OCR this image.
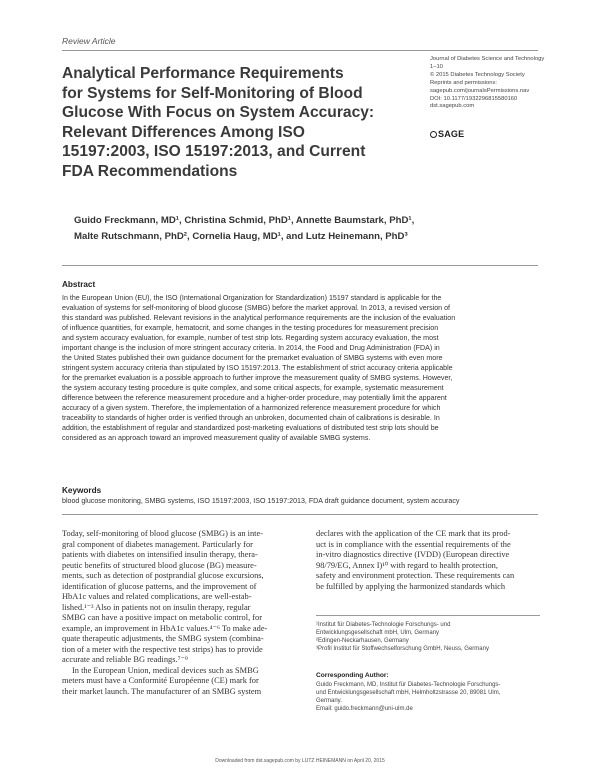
Review Article
Analytical Performance Requirements
for Systems for Self-Monitoring of Blood
Glucose With Focus on System Accuracy:
Relevant Differences Among ISO
15197:2003, ISO 15197:2013, and Current
FDA Recommendations
Journal of Diabetes Science and Technology
1–10
© 2015 Diabetes Technology Society
Reprints and permissions:
sagepub.com/journalsPermissions.nav
DOI: 10.1177/1932296815580160
dst.sagepub.com
SAGE
Guido Freckmann, MD¹, Christina Schmid, PhD¹, Annette Baumstark, PhD¹,
Malte Rutschmann, PhD², Cornelia Haug, MD¹, and Lutz Heinemann, PhD³
Abstract
In the European Union (EU), the ISO (International Organization for Standardization) 15197 standard is applicable for the
evaluation of systems for self-monitoring of blood glucose (SMBG) before the market approval. In 2013, a revised version of
this standard was published. Relevant revisions in the analytical performance requirements are the inclusion of the evaluation
of influence quantities, for example, hematocrit, and some changes in the testing procedures for measurement precision
and system accuracy evaluation, for example, number of test strip lots. Regarding system accuracy evaluation, the most
important change is the inclusion of more stringent accuracy criteria. In 2014, the Food and Drug Administration (FDA) in
the United States published their own guidance document for the premarket evaluation of SMBG systems with even more
stringent system accuracy criteria than stipulated by ISO 15197:2013. The establishment of strict accuracy criteria applicable
for the premarket evaluation is a possible approach to further improve the measurement quality of SMBG systems. However,
the system accuracy testing procedure is quite complex, and some critical aspects, for example, systematic measurement
difference between the reference measurement procedure and a higher-order procedure, may potentially limit the apparent
accuracy of a given system. Therefore, the implementation of a harmonized reference measurement procedure for which
traceability to standards of higher order is verified through an unbroken, documented chain of calibrations is desirable. In
addition, the establishment of regular and standardized post-marketing evaluations of distributed test strip lots should be
considered as an approach toward an improved measurement quality of available SMBG systems.
Keywords
blood glucose monitoring, SMBG systems, ISO 15197:2003, ISO 15197:2013, FDA draft guidance document, system accuracy
Today, self-monitoring of blood glucose (SMBG) is an inte-
gral component of diabetes management. Particularly for
patients with diabetes on intensified insulin therapy, thera-
peutic benefits of structured blood glucose (BG) measure-
ments, such as detection of postprandial glucose excursions,
identification of glucose patterns, and the improvement of
HbA1c values and related complications, are well-estab-
lished.¹⁻³ Also in patients not on insulin therapy, regular
SMBG can have a positive impact on metabolic control, for
example, an improvement in HbA1c values.⁴⁻⁶ To make ade-
quate therapeutic adjustments, the SMBG system (combina-
tion of a meter with the respective test strips) has to provide
accurate and reliable BG readings.⁷⁻⁹
In the European Union, medical devices such as SMBG
meters must have a Conformité Européenne (CE) mark for
their market launch. The manufacturer of an SMBG system
declares with the application of the CE mark that its prod-
uct is in compliance with the essential requirements of the
in-vitro diagnostics directive (IVDD) (European directive
98/79/EG, Annex I)¹⁰ with regard to health protection,
safety and environment protection. These requirements can
be fulfilled by applying the harmonized standards which
¹Institut für Diabetes-Technologie Forschungs- und
Entwicklungsgesellschaft mbH, Ulm, Germany
²Edingen-Neckarhausen, Germany
³Profil Institut für Stoffwechselforschung GmbH, Neuss, Germany
Corresponding Author:
Guido Freckmann, MD, Institut für Diabetes-Technologie Forschungs-
und Entwicklungsgesellschaft mbH, Helmholtzstrasse 20, 89081 Ulm,
Germany.
Email: guido.freckmann@uni-ulm.de
Downloaded from dst.sagepub.com by LUTZ HEINEMANN on April 20, 2015
